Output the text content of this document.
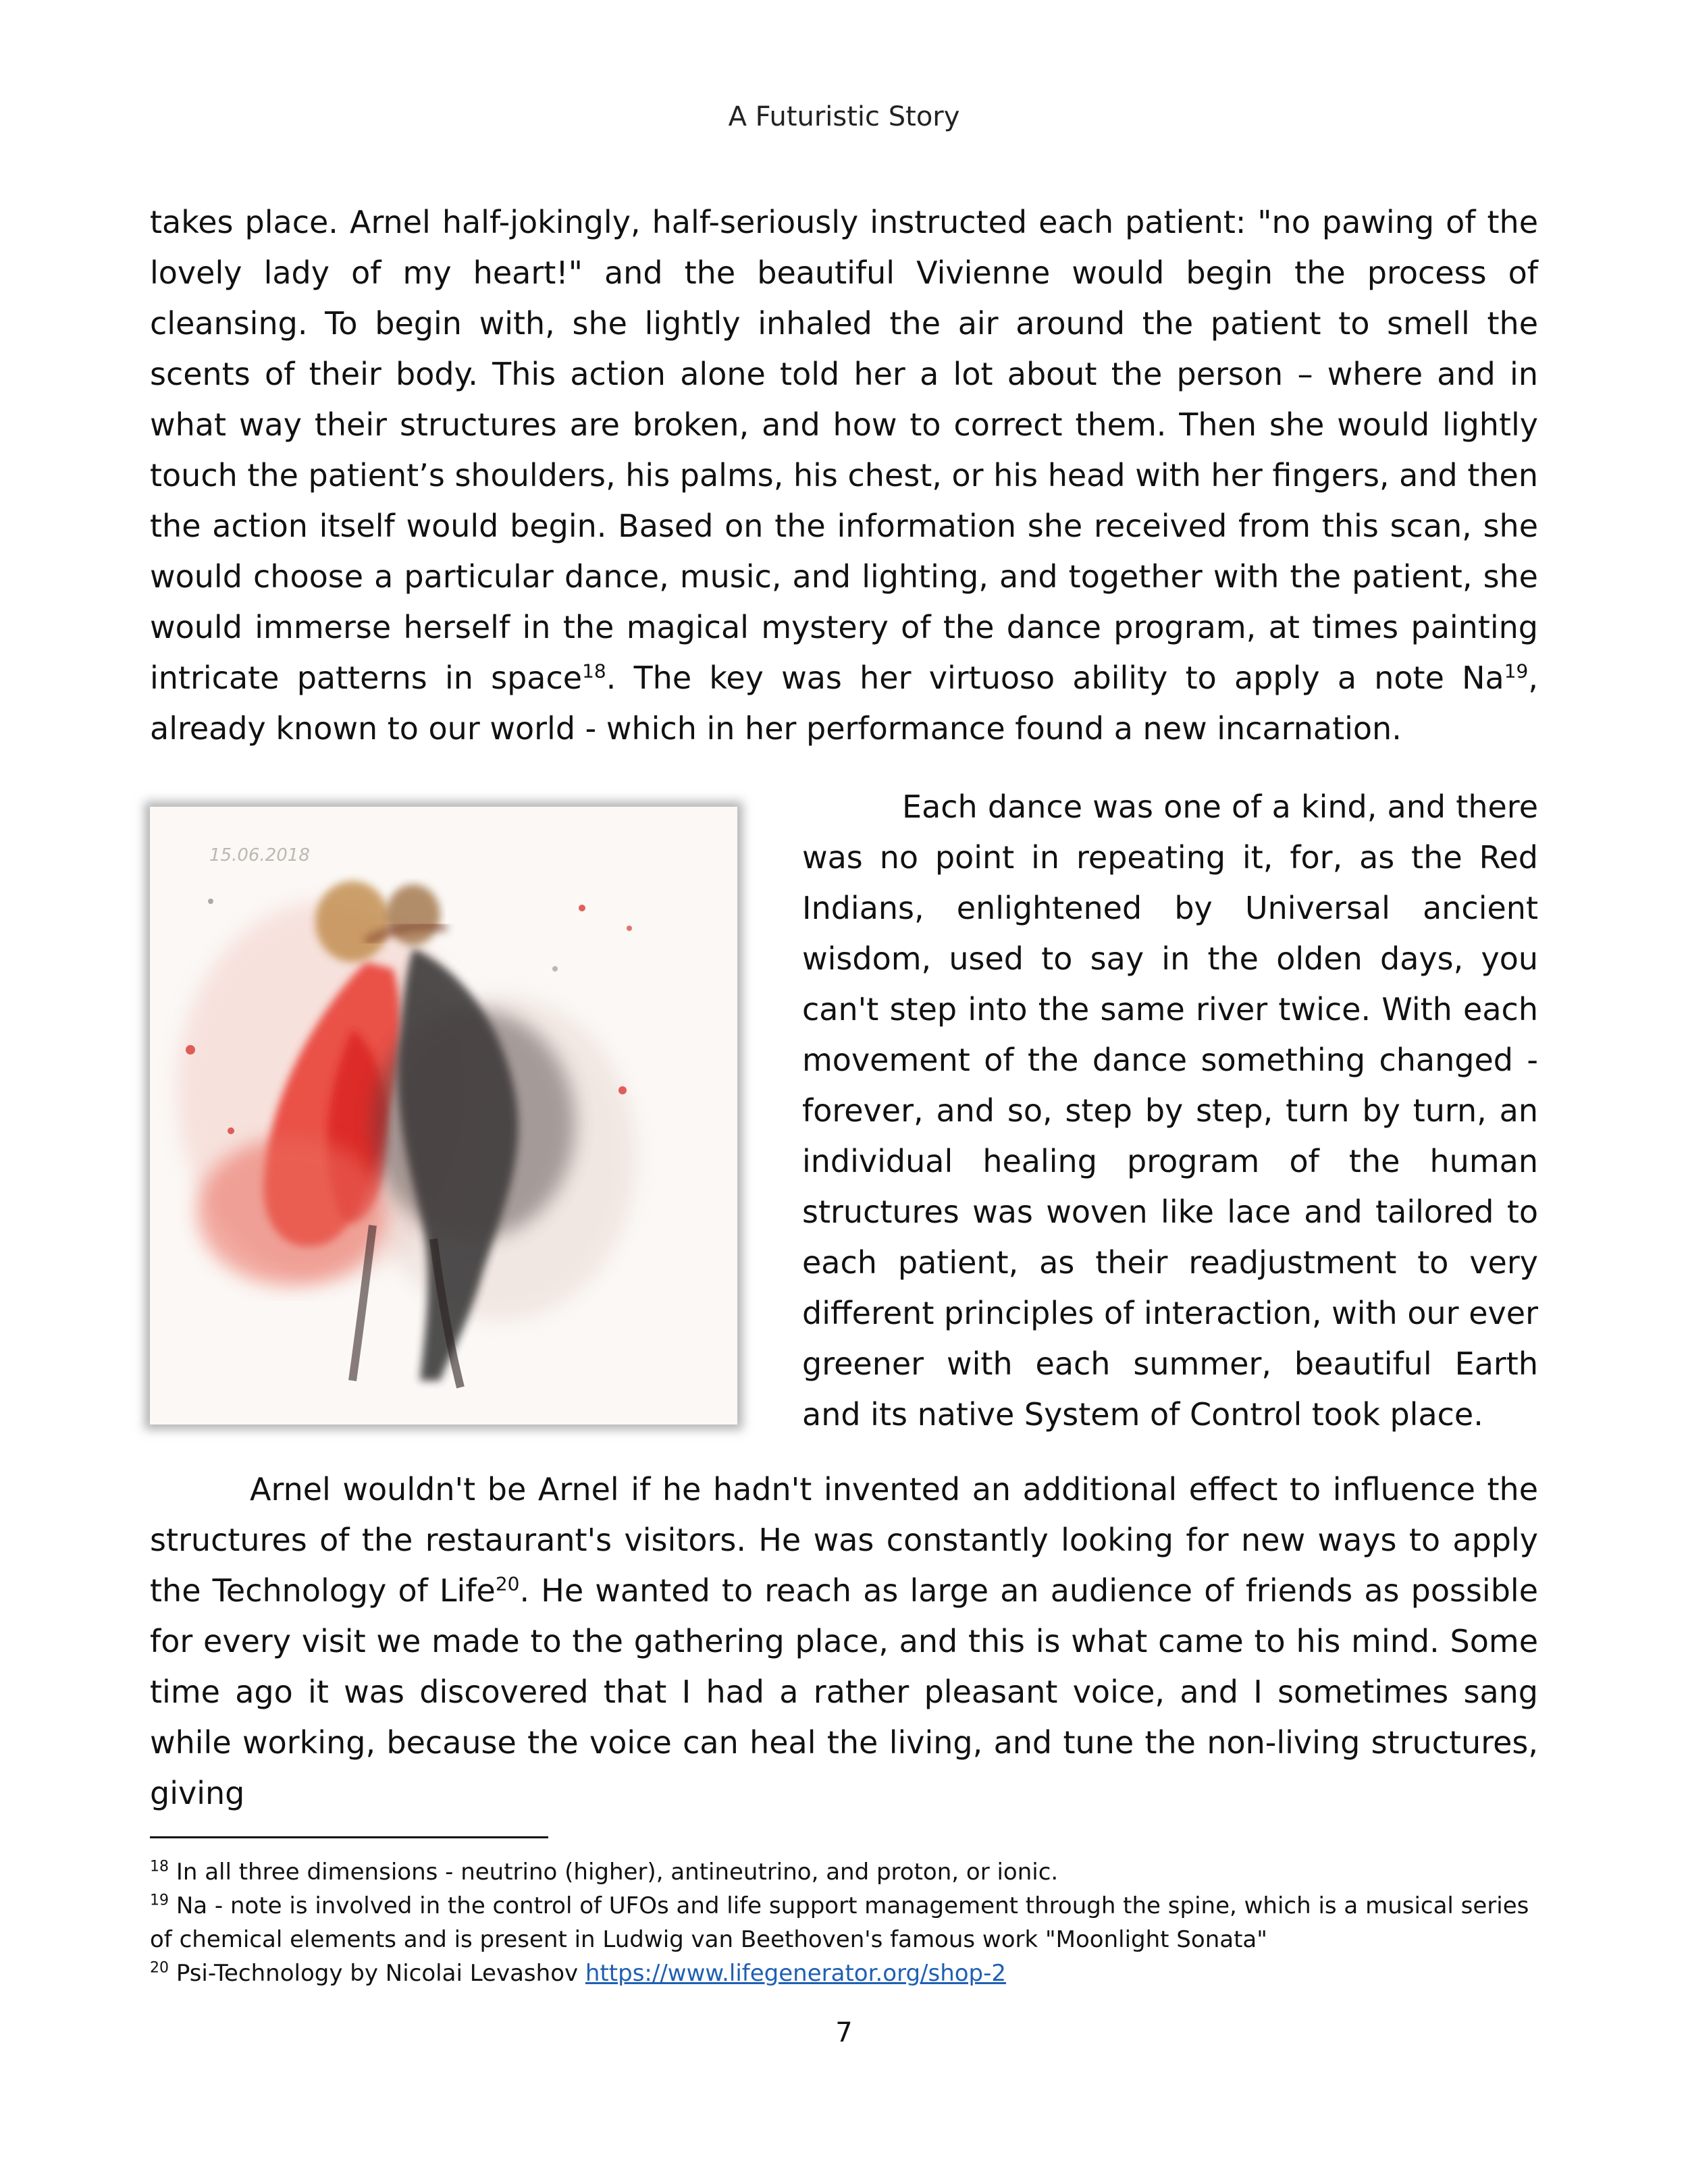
A Futuristic Story

takes place. Arnel half-jokingly, half-seriously instructed each patient: "no pawing of the lovely lady of my heart!" and the beautiful Vivienne would begin the process of cleansing. To begin with, she lightly inhaled the air around the patient to smell the scents of their body. This action alone told her a lot about the person – where and in what way their structures are broken, and how to correct them. Then she would lightly touch the patient’s shoulders, his palms, his chest, or his head with her fingers, and then the action itself would begin. Based on the information she received from this scan, she would choose a particular dance, music, and lighting, and together with the patient, she would immerse herself in the magical mystery of the dance program, at times painting intricate patterns in space$^{18}$. The key was her virtuoso ability to apply a note Na$^{19}$, already known to our world - which in her performance found a new incarnation.

15.06.2018

Each dance was one of a kind, and there was no point in repeating it, for, as the Red Indians, enlightened by Universal ancient wisdom, used to say in the olden days, you can't step into the same river twice. With each movement of the dance something changed - forever, and so, step by step, turn by turn, an individual healing program of the human structures was woven like lace and tailored to each patient, as their readjustment to very different principles of interaction, with our ever greener with each summer, beautiful Earth and its native System of Control took place.

Arnel wouldn't be Arnel if he hadn't invented an additional effect to influence the structures of the restaurant's visitors. He was constantly looking for new ways to apply the Technology of Life$^{20}$. He wanted to reach as large an audience of friends as possible for every visit we made to the gathering place, and this is what came to his mind. Some time ago it was discovered that I had a rather pleasant voice, and I sometimes sang while working, because the voice can heal the living, and tune the non-living structures, giving

$^{18}$ In all three dimensions - neutrino (higher), antineutrino, and proton, or ionic.

$^{19}$ Na - note is involved in the control of UFOs and life support management through the spine, which is a musical series of chemical elements and is present in Ludwig van Beethoven's famous work "Moonlight Sonata"

$^{20}$ Psi-Technology by Nicolai Levashov https://www.lifegenerator.org/shop-2

7
